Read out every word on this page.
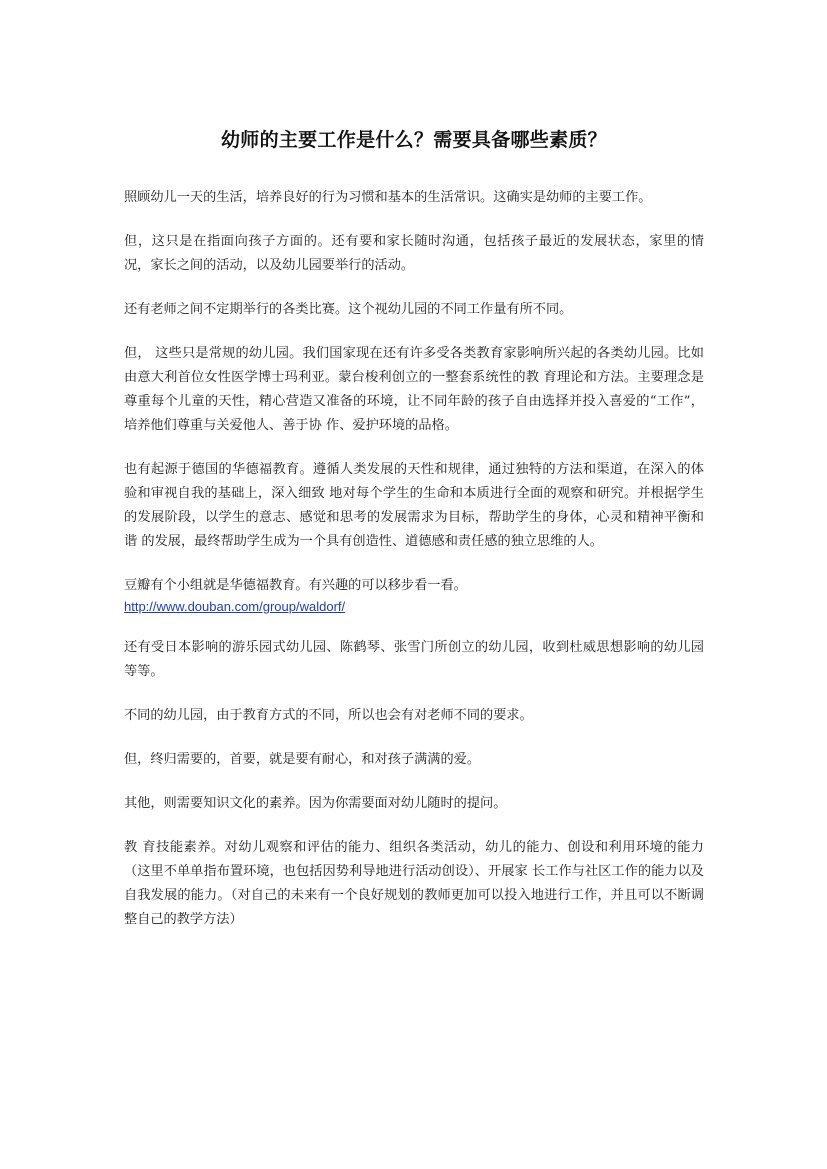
幼师的主要工作是什么？需要具备哪些素质？

照顾幼儿一天的生活，培养良好的行为习惯和基本的生活常识。这确实是幼师的主要工作。

但，这只是在指面向孩子方面的。还有要和家长随时沟通，包括孩子最近的发展状态，家里的情况，家长之间的活动，以及幼儿园要举行的活动。

还有老师之间不定期举行的各类比赛。这个视幼儿园的不同工作量有所不同。

但， 这些只是常规的幼儿园。我们国家现在还有许多受各类教育家影响所兴起的各类幼儿园。比如由意大利首位女性医学博士玛利亚。蒙台梭利创立的一整套系统性的教 育理论和方法。主要理念是尊重每个儿童的天性，精心营造又准备的环境，让不同年龄的孩子自由选择并投入喜爱的“工作”，培养他们尊重与关爱他人、善于协 作、爱护环境的品格。

也有起源于德国的华德福教育。遵循人类发展的天性和规律，通过独特的方法和渠道，在深入的体验和审视自我的基础上，深入细致 地对每个学生的生命和本质进行全面的观察和研究。并根据学生的发展阶段，以学生的意志、感觉和思考的发展需求为目标，帮助学生的身体，心灵和精神平衡和谐 的发展，最终帮助学生成为一个具有创造性、道德感和责任感的独立思维的人。

豆瓣有个小组就是华德福教育。有兴趣的可以移步看一看。

http://www.douban.com/group/waldorf/

还有受日本影响的游乐园式幼儿园、陈鹤琴、张雪门所创立的幼儿园，收到杜威思想影响的幼儿园等等。

不同的幼儿园，由于教育方式的不同，所以也会有对老师不同的要求。

但，终归需要的，首要，就是要有耐心，和对孩子满满的爱。

其他，则需要知识文化的素养。因为你需要面对幼儿随时的提问。

教 育技能素养。对幼儿观察和评估的能力、组织各类活动，幼儿的能力、创设和利用环境的能力（这里不单单指布置环境，也包括因势利导地进行活动创设）、开展家 长工作与社区工作的能力以及自我发展的能力。（对自己的未来有一个良好规划的教师更加可以投入地进行工作，并且可以不断调整自己的教学方法）
